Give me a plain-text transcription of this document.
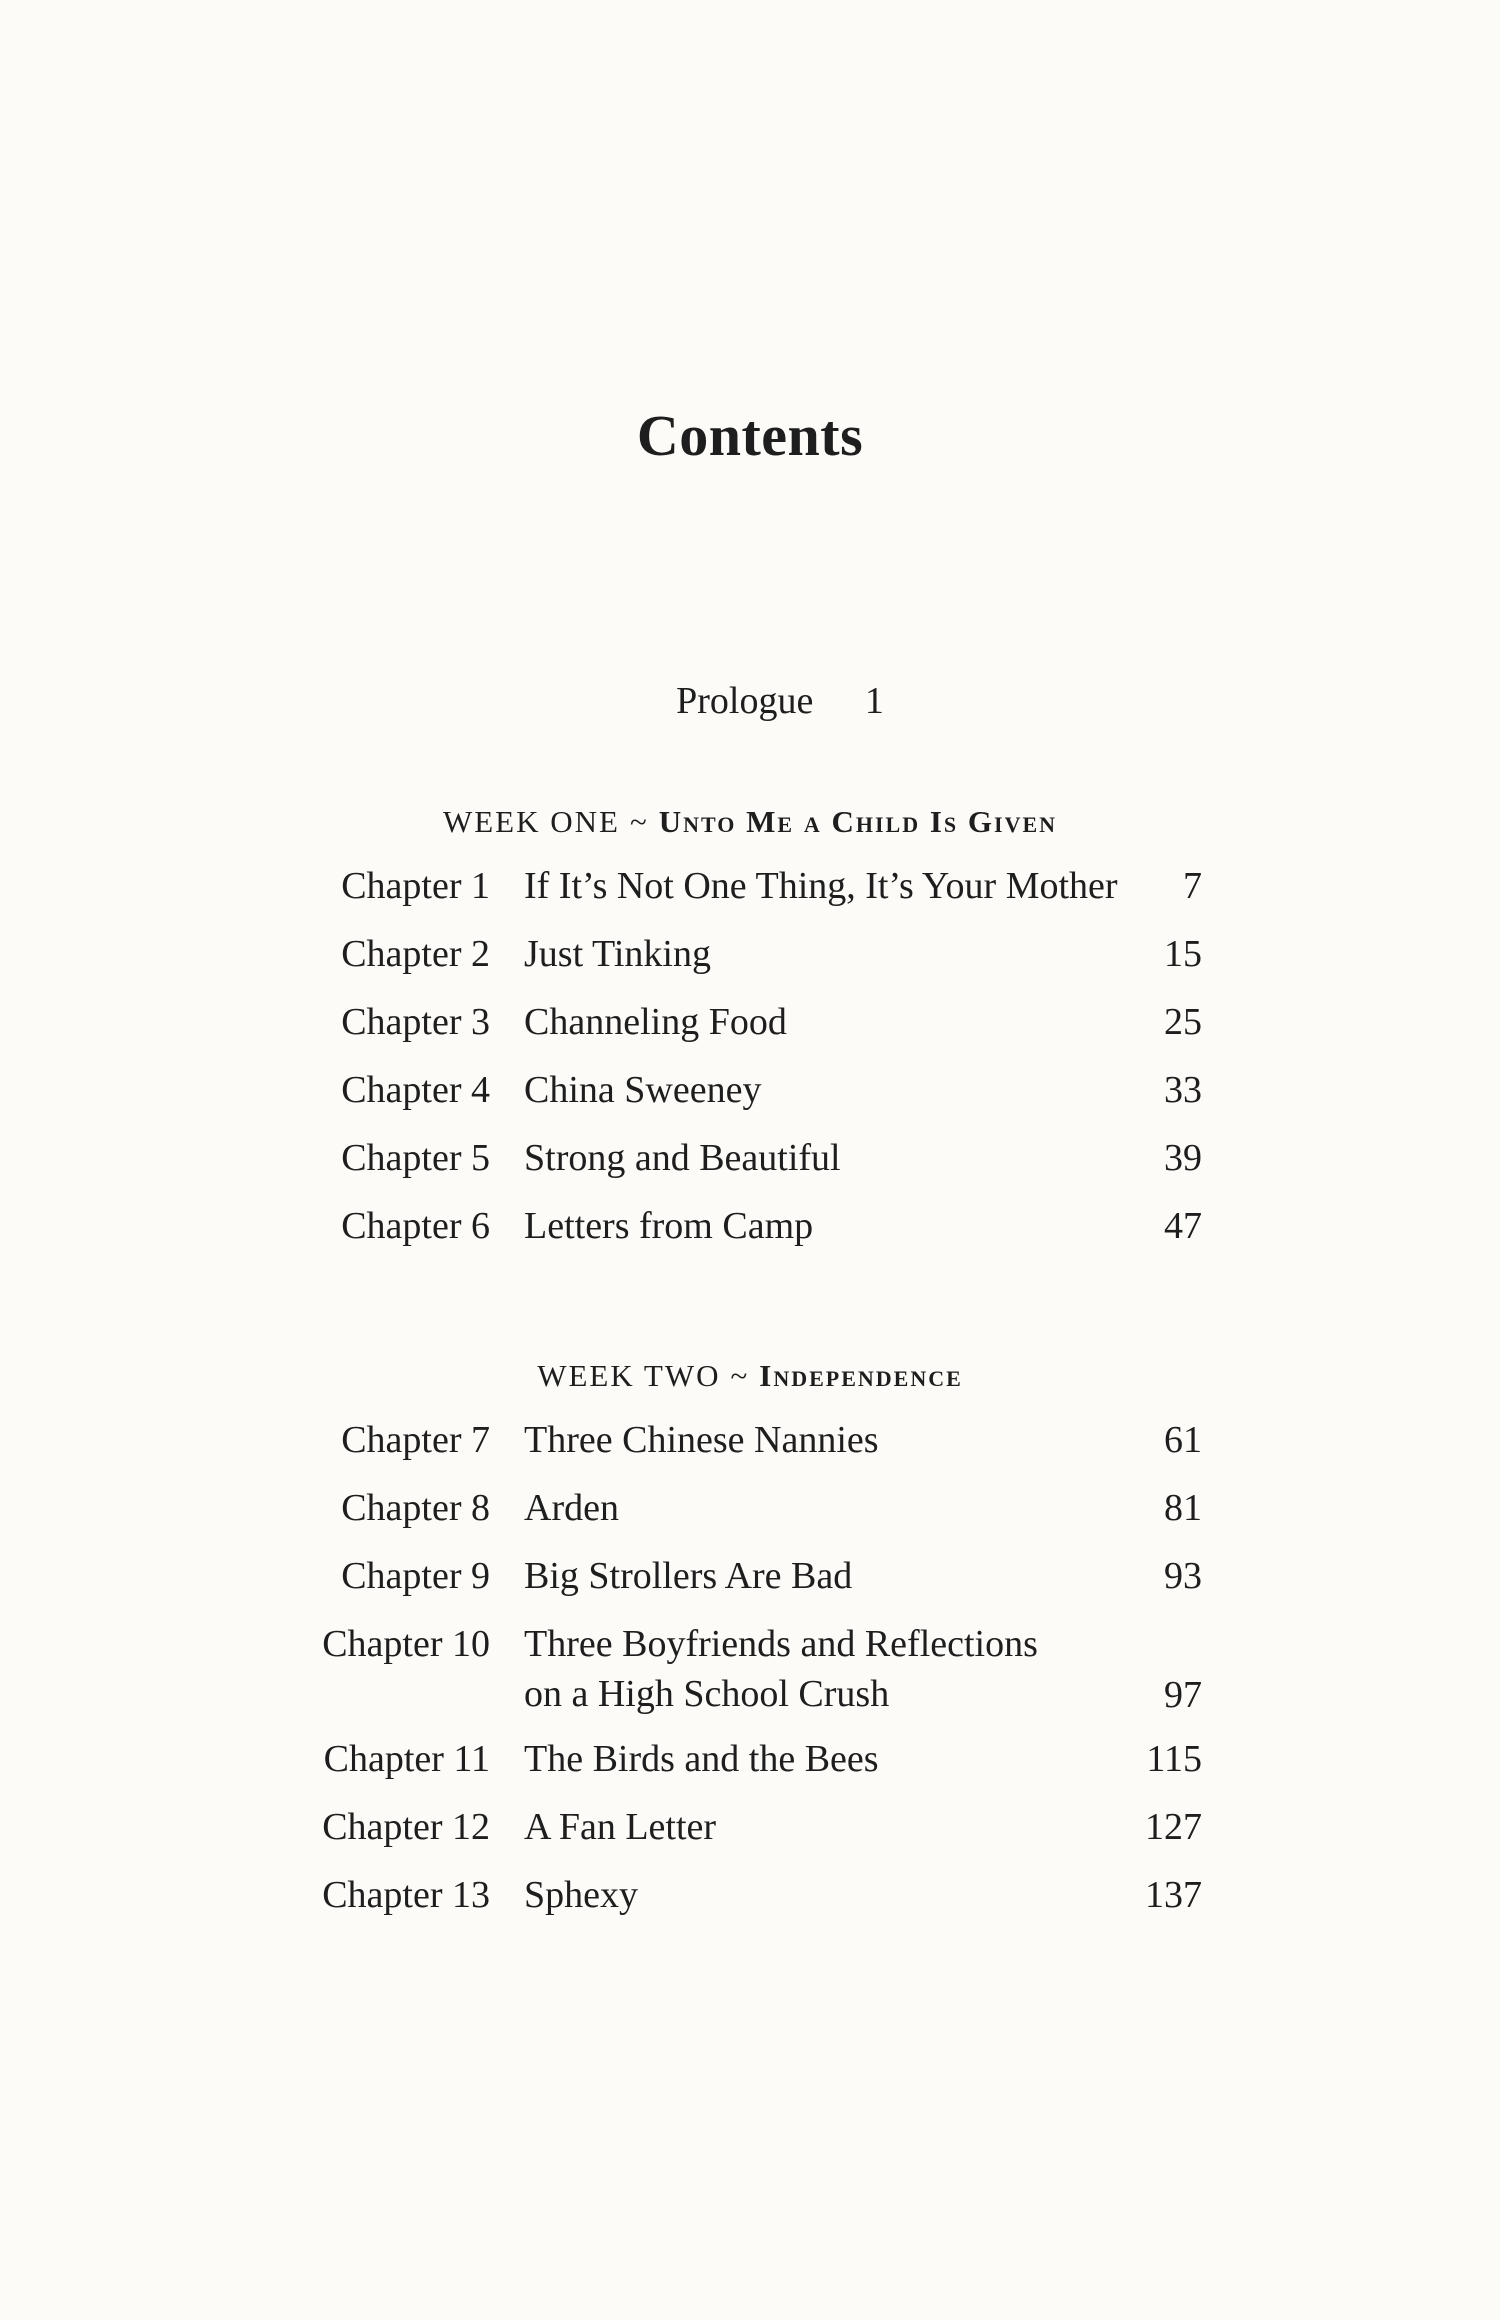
Contents
Prologue 1
WEEK ONE ~ Unto Me a Child Is Given
Chapter 1 If It’s Not One Thing, It’s Your Mother 7
Chapter 2 Just Tinking	15
Chapter 3 Channeling Food	25
Chapter 4 China Sweeney	33
Chapter 5 Strong and Beautiful	39
Chapter 6 Letters from Camp	47
WEEK TWO ~ Independence
Chapter 7 Three Chinese Nannies	61
Chapter 8 Arden	81
Chapter 9 Big Strollers Are Bad	93
Chapter 10 Three Boyfriends and Reflections
on a High School Crush	97
Chapter 11 The Birds and the Bees	115
Chapter 12 A Fan Letter	127
Chapter 13 Sphexy	137
